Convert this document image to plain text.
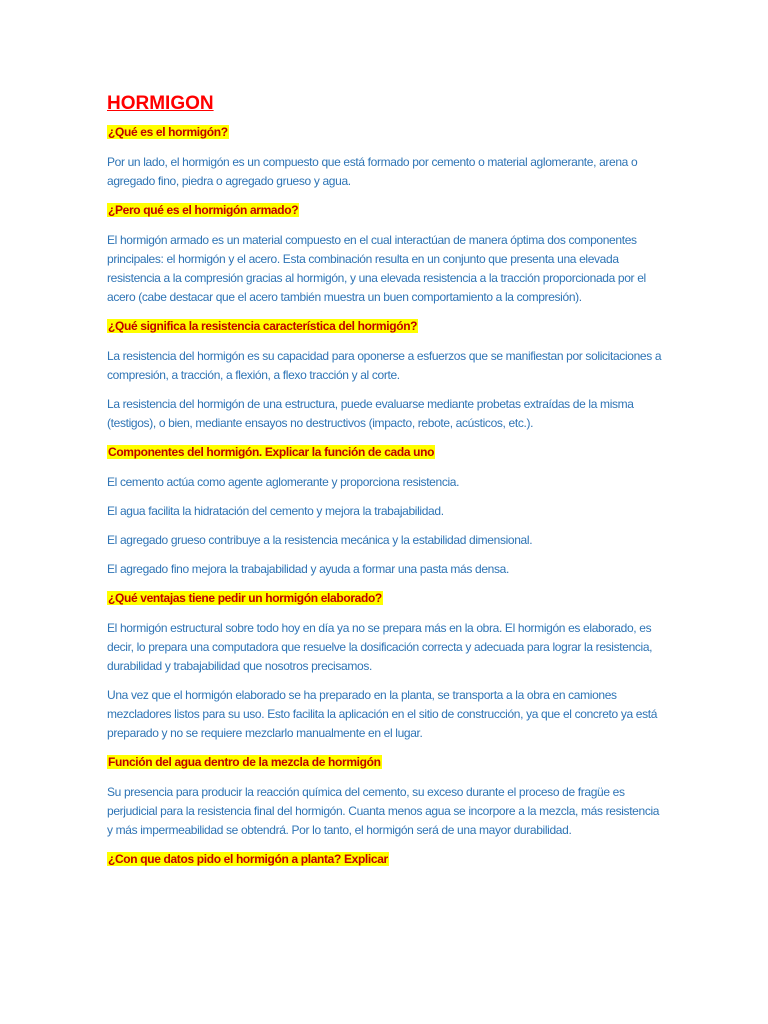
HORMIGON
¿Qué es el hormigón?

Por un lado, el hormigón es un compuesto que está formado por cemento o material aglomerante, arena o agregado fino, piedra o agregado grueso y agua.

¿Pero qué es el hormigón armado?

El hormigón armado es un material compuesto en el cual interactúan de manera óptima dos componentes principales: el hormigón y el acero. Esta combinación resulta en un conjunto que presenta una elevada resistencia a la compresión gracias al hormigón, y una elevada resistencia a la tracción proporcionada por el acero (cabe destacar que el acero también muestra un buen comportamiento a la compresión).

¿Qué significa la resistencia característica del hormigón?

La resistencia del hormigón es su capacidad para oponerse a esfuerzos que se manifiestan por solicitaciones a compresión, a tracción, a flexión, a flexo tracción y al corte.

La resistencia del hormigón de una estructura, puede evaluarse mediante probetas extraídas de la misma (testigos), o bien, mediante ensayos no destructivos (impacto, rebote, acústicos, etc.).

Componentes del hormigón. Explicar la función de cada uno

El cemento actúa como agente aglomerante y proporciona resistencia.

El agua facilita la hidratación del cemento y mejora la trabajabilidad.

El agregado grueso contribuye a la resistencia mecánica y la estabilidad dimensional.

El agregado fino mejora la trabajabilidad y ayuda a formar una pasta más densa.

¿Qué ventajas tiene pedir un hormigón elaborado?

El hormigón estructural sobre todo hoy en día ya no se prepara más en la obra. El hormigón es elaborado, es decir, lo prepara una computadora que resuelve la dosificación correcta y adecuada para lograr la resistencia, durabilidad y trabajabilidad que nosotros precisamos.

Una vez que el hormigón elaborado se ha preparado en la planta, se transporta a la obra en camiones mezcladores listos para su uso. Esto facilita la aplicación en el sitio de construcción, ya que el concreto ya está preparado y no se requiere mezclarlo manualmente en el lugar.

Función del agua dentro de la mezcla de hormigón

Su presencia para producir la reacción química del cemento, su exceso durante el proceso de fragüe es perjudicial para la resistencia final del hormigón. Cuanta menos agua se incorpore a la mezcla, más resistencia y más impermeabilidad se obtendrá. Por lo tanto, el hormigón será de una mayor durabilidad.

¿Con que datos pido el hormigón a planta? Explicar
